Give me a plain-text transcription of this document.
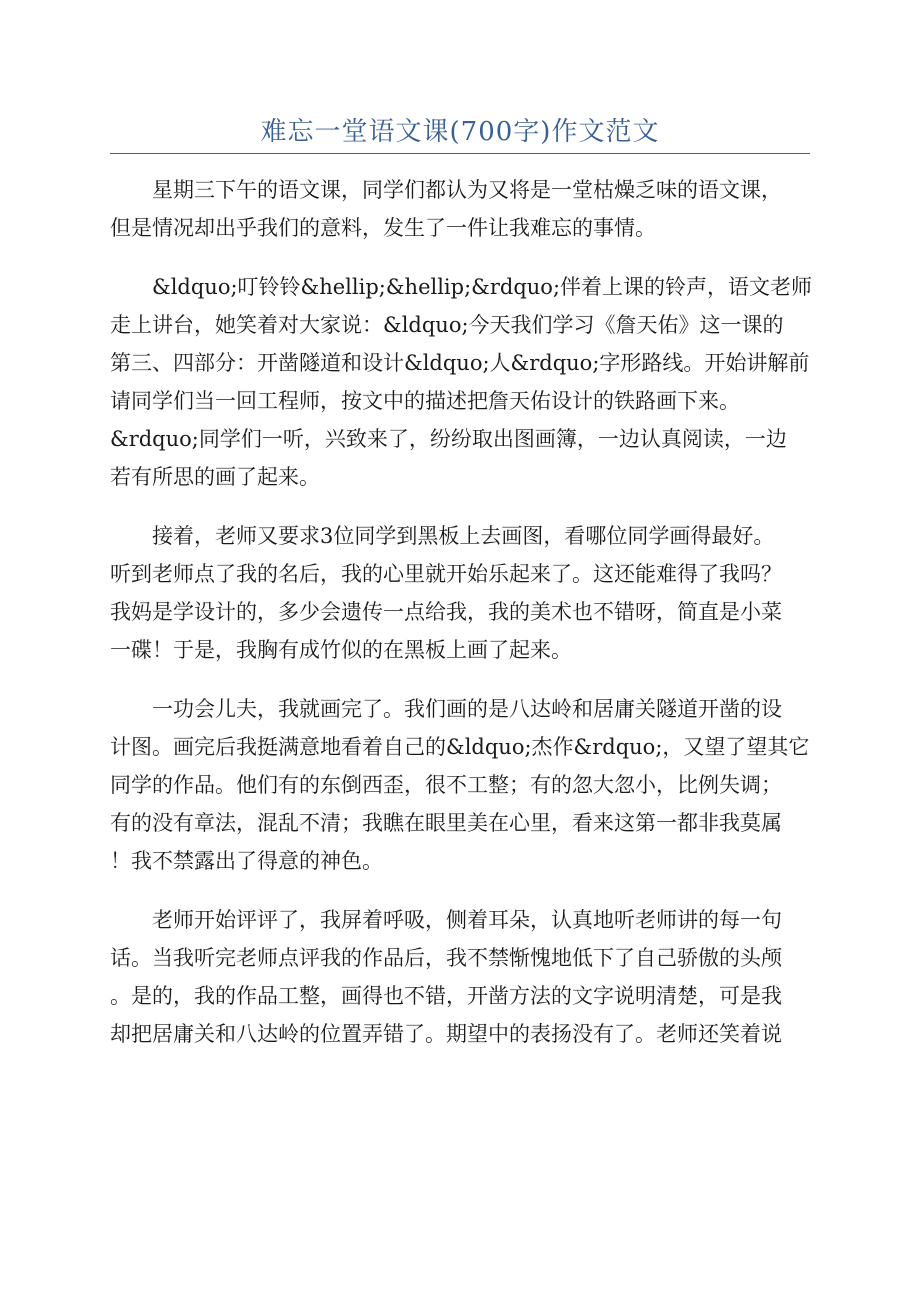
难忘一堂语文课(700字)作文范文

星期三下午的语文课，同学们都认为又将是一堂枯燥乏味的语文课，
但是情况却出乎我们的意料，发生了一件让我难忘的事情。

&ldquo;叮铃铃&hellip;&hellip;&rdquo;伴着上课的铃声，语文老师
走上讲台，她笑着对大家说：&ldquo;今天我们学习《詹天佑》这一课的
第三、四部分：开凿隧道和设计&ldquo;人&rdquo;字形路线。开始讲解前
请同学们当一回工程师，按文中的描述把詹天佑设计的铁路画下来。
&rdquo;同学们一听，兴致来了，纷纷取出图画簿，一边认真阅读，一边
若有所思的画了起来。

接着，老师又要求3位同学到黑板上去画图，看哪位同学画得最好。
听到老师点了我的名后，我的心里就开始乐起来了。这还能难得了我吗？
我妈是学设计的，多少会遗传一点给我，我的美术也不错呀，简直是小菜
一碟！于是，我胸有成竹似的在黑板上画了起来。

一功会儿夫，我就画完了。我们画的是八达岭和居庸关隧道开凿的设
计图。画完后我挺满意地看着自己的&ldquo;杰作&rdquo;，又望了望其它
同学的作品。他们有的东倒西歪，很不工整；有的忽大忽小，比例失调；
有的没有章法，混乱不清；我瞧在眼里美在心里，看来这第一都非我莫属
！我不禁露出了得意的神色。

老师开始评评了，我屏着呼吸，侧着耳朵，认真地听老师讲的每一句
话。当我听完老师点评我的作品后，我不禁惭愧地低下了自己骄傲的头颅
。是的，我的作品工整，画得也不错，开凿方法的文字说明清楚，可是我
却把居庸关和八达岭的位置弄错了。期望中的表扬没有了。老师还笑着说
